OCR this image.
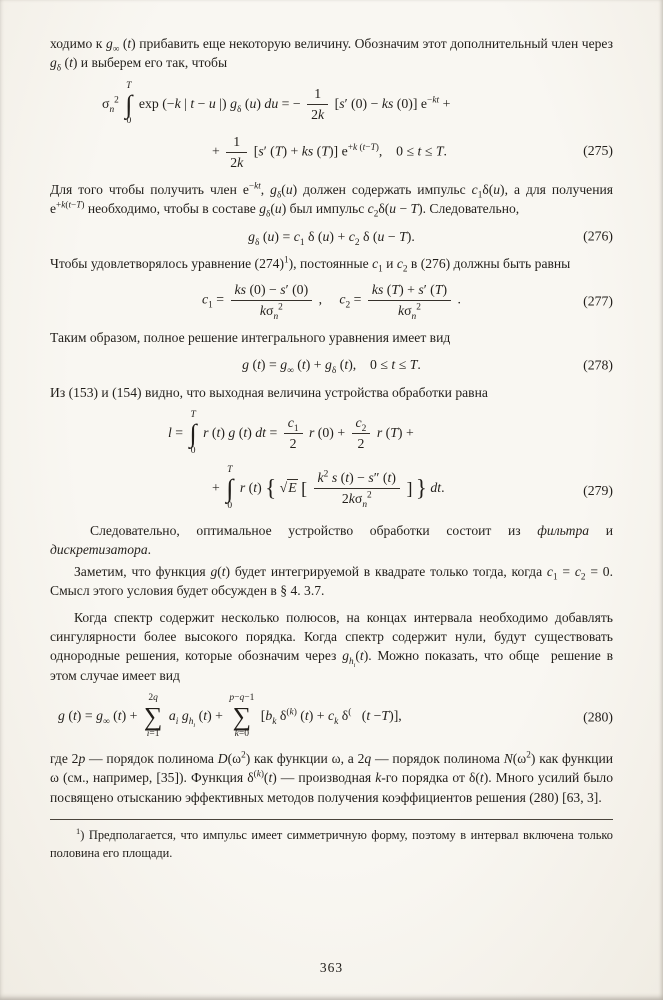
ходимо к $g_\infty$ (t) прибавить еще некоторую величину. Обозначим этот дополнительный член через $g_\delta$ (t) и выберем его так, чтобы

$\sigma_n^2$
T
∫
0
exp (−k | t − u |) $g_\delta$ (u) du = − $\frac{1}{2k} [s'$ (0) − ks (0)] $e^{-kt}$ +
+ $\frac{1}{2k} [s'$ (T) + ks (T)] $e^{+k (t-T)}$,    0 ≤ t ≤ T.	(275)

Для того чтобы получить член $e^{-kt}$, $g_\delta(u)$ должен содержать импульс $c_1\delta(u)$, а для получения $e^{+k(t-T)}$ необходимо, чтобы в составе $g_\delta(u)$ был импульс $c_2\delta(u - T)$. Следовательно,

$g_\delta$ $(u) = c_1$ δ $(u) + c_2$ δ (u − T).	(276)

Чтобы удовлетворялось уравнение $(274)^1$), постоянные $c_1$ и $c_2$ в (276) должны быть равны

$c_1$ =
ks (0) − s′ (0)
$k\sigma_n^2$
,     $c_2$ =
ks (T) + s′ (T)
$k\sigma_n^2$
.	(277)

Таким образом, полное решение интегрального уравнения имеет вид

g $(t) = g_\infty$ $(t) + g_\delta$ (t),    0 ≤ t ≤ T.	(278)

Из (153) и (154) видно, что выходная величина устройства обработки равна

l =
T
∫
0
r (t) g (t) dt = $\frac{c_1}{2}$ r $(0) + \frac{c_2}{2}$ r (T) +
+
T
∫
0
r (t) { √E [
$k^2$ s (t) − s″ (t)
$2k\sigma_n^2$	] } dt.	(279)

Следовательно, оптимальное устройство обработки состоит из фильтра и дискретизатора.

Заметим, что функция g(t) будет интегрируемой в квадрате только тогда, когда $c_1 = c_2 = 0$. Смысл этого условия будет обсужден в § 4. 3.7.

Когда спектр содержит несколько полюсов, на концах интервала необходимо добавлять сингулярности более высокого порядка. Когда спектр содержит нули, будут существовать однородные решения, которые обозначим через $g_{h_i}(t)$. Можно показать, что обще  решение в этом случае имеет вид

g $(t) = g_\infty$ (t) +
2q
∑
i=1
$a_i$ $g_{h_i}$ (t) +
p−q−1
∑
k=0
[$b_k$ $\delta^{(k)}$ $(t) + c_k$ δ(   (t −T)],	(280)

где 2p — порядок полинома $D(\omega^2)$ как функции ω, а 2q — порядок полинома $N(\omega^2)$ как функции ω (см., например, [35]). Функция $\delta^{(k)}(t)$ — производная k-го порядка от δ(t). Много усилий было посвящено отысканию эффективных методов получения коэффициентов решения (280) [63, 3].

$^1$) Предполагается, что импульс имеет симметричную форму, поэтому в интервал включена только половина его площади.

363
